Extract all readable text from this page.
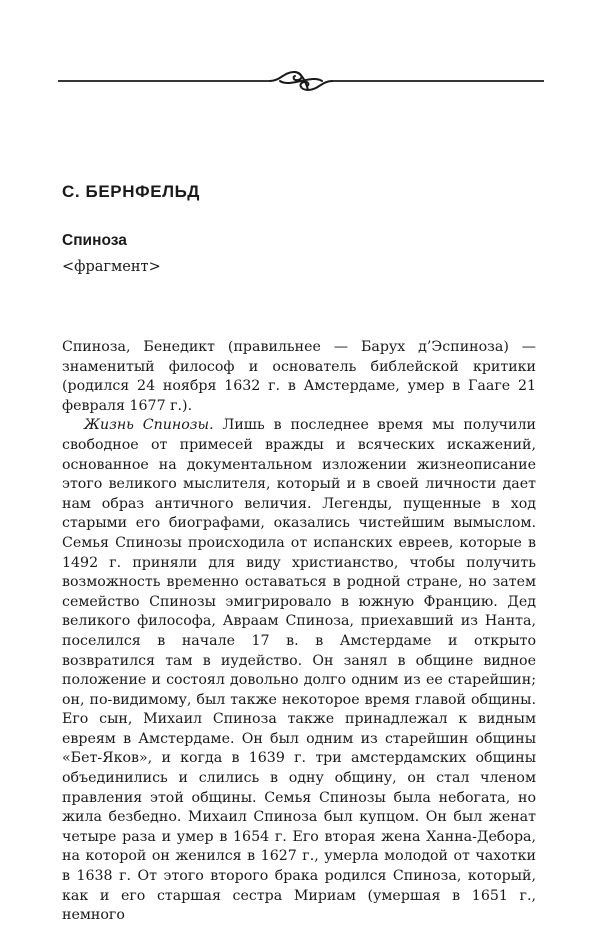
С. БЕРНФЕЛЬД
Спиноза
<фрагмент>

Спиноза, Бенедикт (правильнее — Барух д’Эспиноза) — знаменитый философ и основатель библейской критики (родился 24 ноября 1632 г. в Амстердаме, умер в Гааге 21 февраля 1677 г.).

Жизнь Спинозы. Лишь в последнее время мы получили свободное от примесей вражды и всяческих искажений, основанное на документальном изложении жизнеописание этого великого мыслителя, который и в своей личности дает нам образ античного величия. Легенды, пущенные в ход старыми его биографами, оказались чистейшим вымыслом. Семья Спинозы происходила от испанских евреев, которые в 1492 г. приняли для виду христианство, чтобы получить возможность временно оставаться в родной стране, но затем семейство Спинозы эмигрировало в южную Францию. Дед великого философа, Авраам Спиноза, приехавший из Нанта, поселился в начале 17 в. в Амстердаме и открыто возвратился там в иудейство. Он занял в общине видное положение и состоял довольно долго одним из ее старейшин; он, по-видимому, был также некоторое время главой общины. Его сын, Михаил Спиноза также принадлежал к видным евреям в Амстердаме. Он был одним из старейшин общины «Бет-Яков», и когда в 1639 г. три амстердамских общины объединились и слились в одну общину, он стал членом правления этой общины. Семья Спинозы была небогата, но жила безбедно. Михаил Спиноза был купцом. Он был женат четыре раза и умер в 1654 г. Его вторая жена Ханна-Дебора, на которой он женился в 1627 г., умерла молодой от чахотки в 1638 г. От этого второго брака родился Спиноза, который, как и его старшая сестра Мириам (умершая в 1651 г., немного
